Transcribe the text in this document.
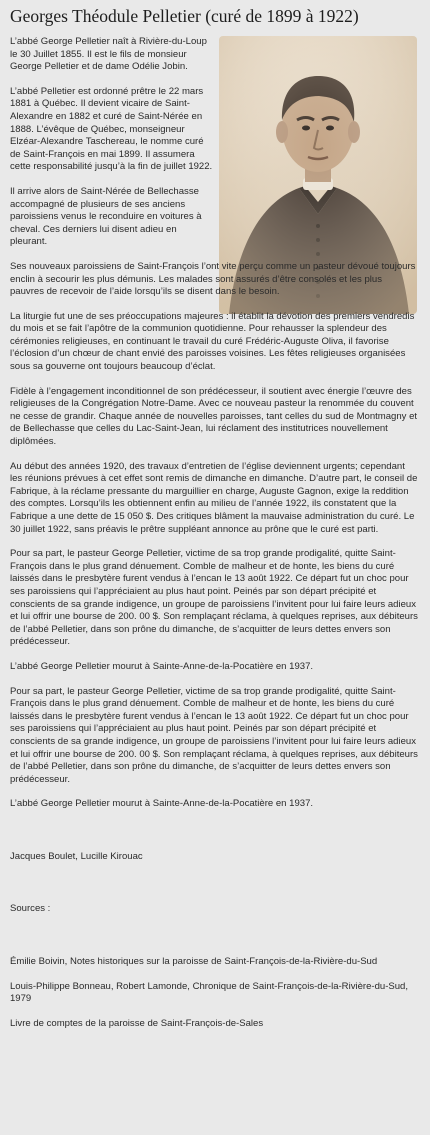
Georges Théodule Pelletier (curé de 1899 à 1922)

L’abbé George Pelletier naît à Rivière-du-Loup le 30 Juillet 1855. Il est le fils de monsieur George Pelletier et de dame Odélie Jobin.

L’abbé Pelletier est ordonné prêtre le 22 mars 1881 à Québec. Il devient vicaire de Saint-Alexandre en 1882 et curé de Saint-Nérée en 1888. L’évêque de Québec, monseigneur Elzéar-Alexandre Taschereau, le nomme curé de Saint-François en mai 1899. Il assumera cette responsabilité jusqu’à la fin de juillet 1922.

Il arrive alors de Saint-Nérée de Bellechasse accompagné de plusieurs de ses anciens paroissiens venus le reconduire en voitures à cheval. Ces derniers lui disent adieu en pleurant.

Ses nouveaux paroissiens de Saint-François l’ont vite perçu comme un pasteur dévoué toujours enclin à secourir les plus démunis. Les malades sont assurés d’être consolés et les plus pauvres de recevoir de l’aide lorsqu’ils se disent dans le besoin.

La liturgie fut une de ses préoccupations majeures : il établit la dévotion des premiers vendredis du mois et se fait l’apôtre de la communion quotidienne. Pour rehausser la splendeur des cérémonies religieuses, en continuant le travail du curé Frédéric-Auguste Oliva, il favorise l’éclosion d’un chœur de chant envié des paroisses voisines. Les fêtes religieuses organisées sous sa gouverne ont toujours beaucoup d’éclat.

Fidèle à l’engagement inconditionnel de son prédécesseur, il soutient avec énergie l’œuvre des religieuses de la Congrégation Notre-Dame. Avec ce nouveau pasteur la renommée du couvent ne cesse de grandir. Chaque année de nouvelles paroisses, tant celles du sud de Montmagny et de Bellechasse que celles du Lac-Saint-Jean, lui réclament des institutrices nouvellement diplômées.

Au début des années 1920, des travaux d’entretien de l’église deviennent urgents; cependant les réunions prévues à cet effet sont remis de dimanche en dimanche. D’autre part, le conseil de Fabrique, à la réclame pressante du marguillier en charge, Auguste Gagnon, exige la reddition des comptes. Lorsqu’ils les obtiennent enfin au milieu de l’année 1922, ils constatent que la Fabrique a une dette de 15 050 $. Des critiques blâment la mauvaise administration du curé. Le 30 juillet 1922, sans préavis le prêtre suppléant annonce au prône que le curé est parti.

Pour sa part, le pasteur George Pelletier, victime de sa trop grande prodigalité, quitte Saint-François dans le plus grand dénuement. Comble de malheur et de honte, les biens du curé laissés dans le presbytère furent vendus à l’encan le 13 août 1922. Ce départ fut un choc pour ses paroissiens qui l’appréciaient au plus haut point. Peinés par son départ précipité et conscients de sa grande indigence, un groupe de paroissiens l’invitent pour lui faire leurs adieux et lui offrir une bourse de 200. 00 $. Son remplaçant réclama, à quelques reprises, aux débiteurs de l’abbé Pelletier, dans son prône du dimanche, de s’acquitter de leurs dettes envers son prédécesseur.

L’abbé George Pelletier mourut à Sainte-Anne-de-la-Pocatière en 1937.

Pour sa part, le pasteur George Pelletier, victime de sa trop grande prodigalité, quitte Saint-François dans le plus grand dénuement. Comble de malheur et de honte, les biens du curé laissés dans le presbytère furent vendus à l’encan le 13 août 1922. Ce départ fut un choc pour ses paroissiens qui l’appréciaient au plus haut point. Peinés par son départ précipité et conscients de sa grande indigence, un groupe de paroissiens l’invitent pour lui faire leurs adieux et lui offrir une bourse de 200. 00 $. Son remplaçant réclama, à quelques reprises, aux débiteurs de l’abbé Pelletier, dans son prône du dimanche, de s’acquitter de leurs dettes envers son prédécesseur.

L’abbé George Pelletier mourut à Sainte-Anne-de-la-Pocatière en 1937.

Jacques Boulet, Lucille Kirouac

Sources :

Émilie Boivin, Notes historiques sur la paroisse de Saint-François-de-la-Rivière-du-Sud

Louis-Philippe Bonneau, Robert Lamonde, Chronique de Saint-François-de-la-Rivière-du-Sud, 1979

Livre de comptes de la paroisse de Saint-François-de-Sales
